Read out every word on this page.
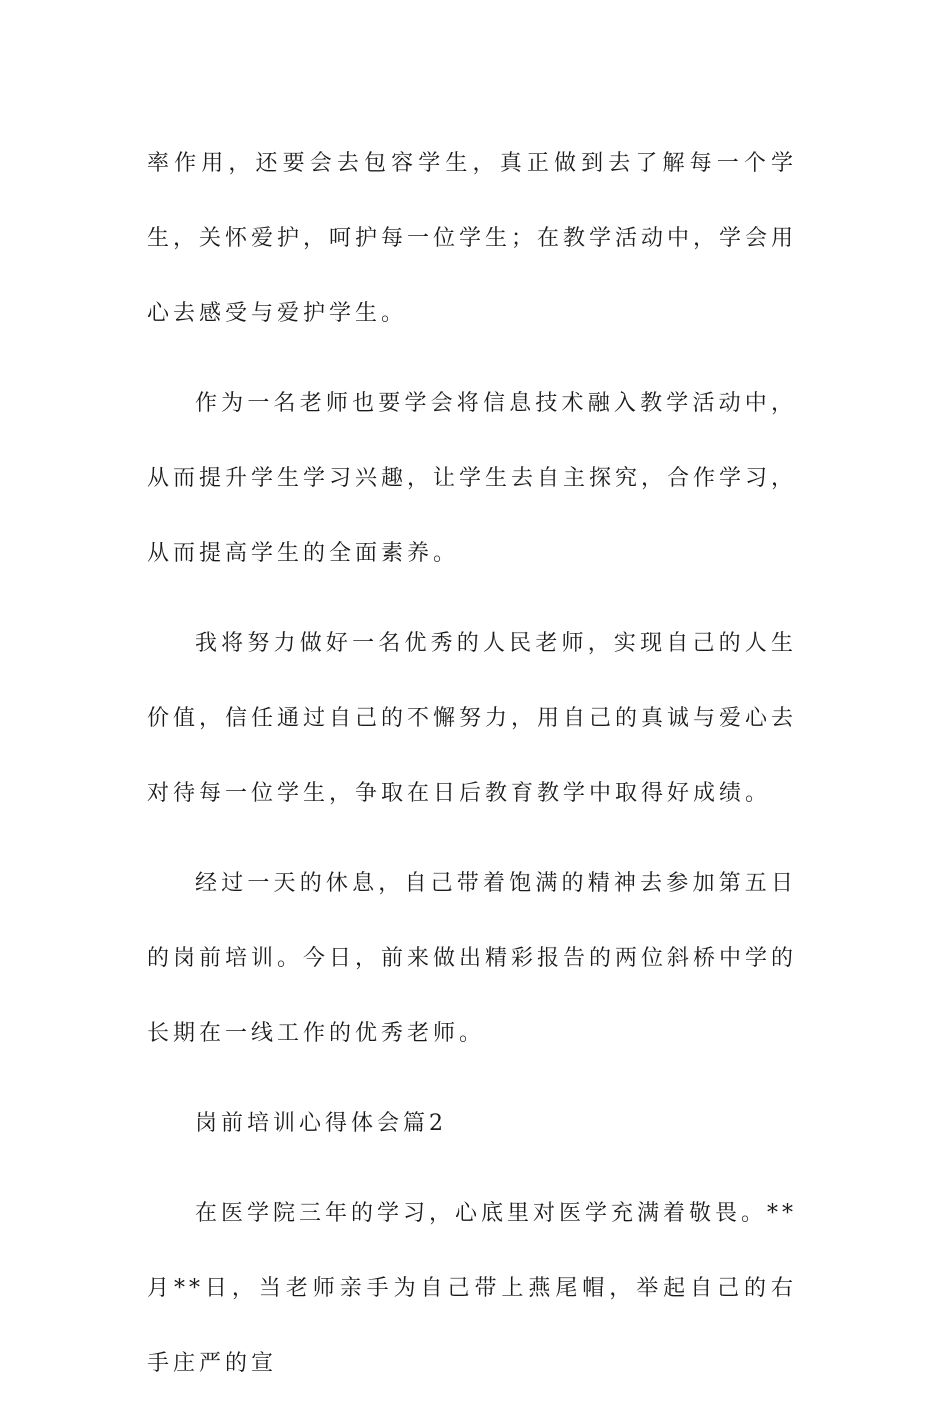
率作用，还要会去包容学生，真正做到去了解每一个学生，关怀爱护，呵护每一位学生；在教学活动中，学会用心去感受与爱护学生。

作为一名老师也要学会将信息技术融入教学活动中，从而提升学生学习兴趣，让学生去自主探究，合作学习，从而提高学生的全面素养。

我将努力做好一名优秀的人民老师，实现自己的人生价值，信任通过自己的不懈努力，用自己的真诚与爱心去对待每一位学生，争取在日后教育教学中取得好成绩。

经过一天的休息，自己带着饱满的精神去参加第五日的岗前培训。今日，前来做出精彩报告的两位斜桥中学的长期在一线工作的优秀老师。

岗前培训心得体会篇2

在医学院三年的学习，心底里对医学充满着敬畏。**月**日，当老师亲手为自己带上燕尾帽，举起自己的右手庄严的宣
